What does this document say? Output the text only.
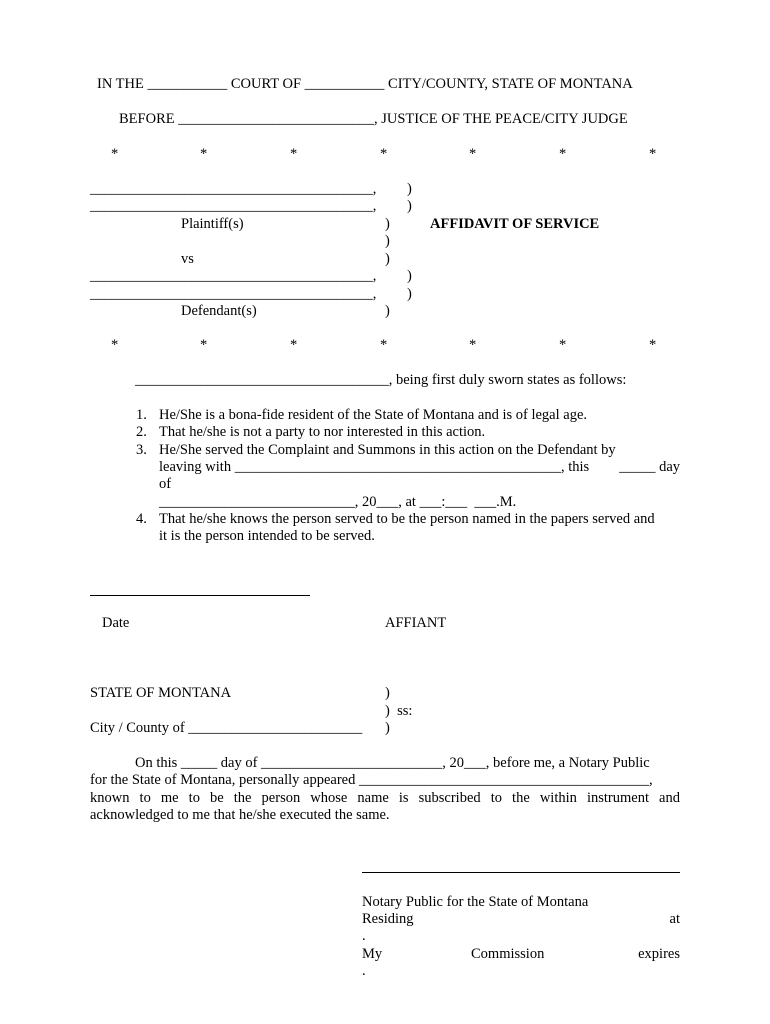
IN THE ___________ COURT OF ___________ CITY/COUNTY, STATE OF MONTANA
BEFORE ___________________________, JUSTICE OF THE PEACE/CITY JUDGE
*	*	*	*	*	*	*
_______________________________________,
_______________________________________,
Plaintiff(s)
vs
_______________________________________,
_______________________________________,
Defendant(s)
)
)
)
)
)
)
)
)
AFFIDAVIT OF SERVICE
*	*	*	*	*	*	*
___________________________________, being first duly sworn states as follows:
1. He/She is a bona-fide resident of the State of Montana and is of legal age.
2. That he/she is not a party to nor interested in this action.
3. He/She served the Complaint and Summons in this action on the Defendant by
leaving with _____________________________________________, this _____ day
of
___________________________, 20___, at ___:___  ___.M.
4. That he/she knows the person served to be the person named in the papers served and
it is the person intended to be served.
Date	AFFIANT
STATE OF MONTANA	)
)  ss:
City / County of ________________________ )
On this _____ day of _________________________, 20___, before me, a Notary Public
for the State of Montana, personally appeared ________________________________________,
known to me to be the person whose name is subscribed to the within instrument and
acknowledged to me that he/she executed the same.
Notary Public for the State of Montana
Residing	at
.
My	Commission	expires
.
